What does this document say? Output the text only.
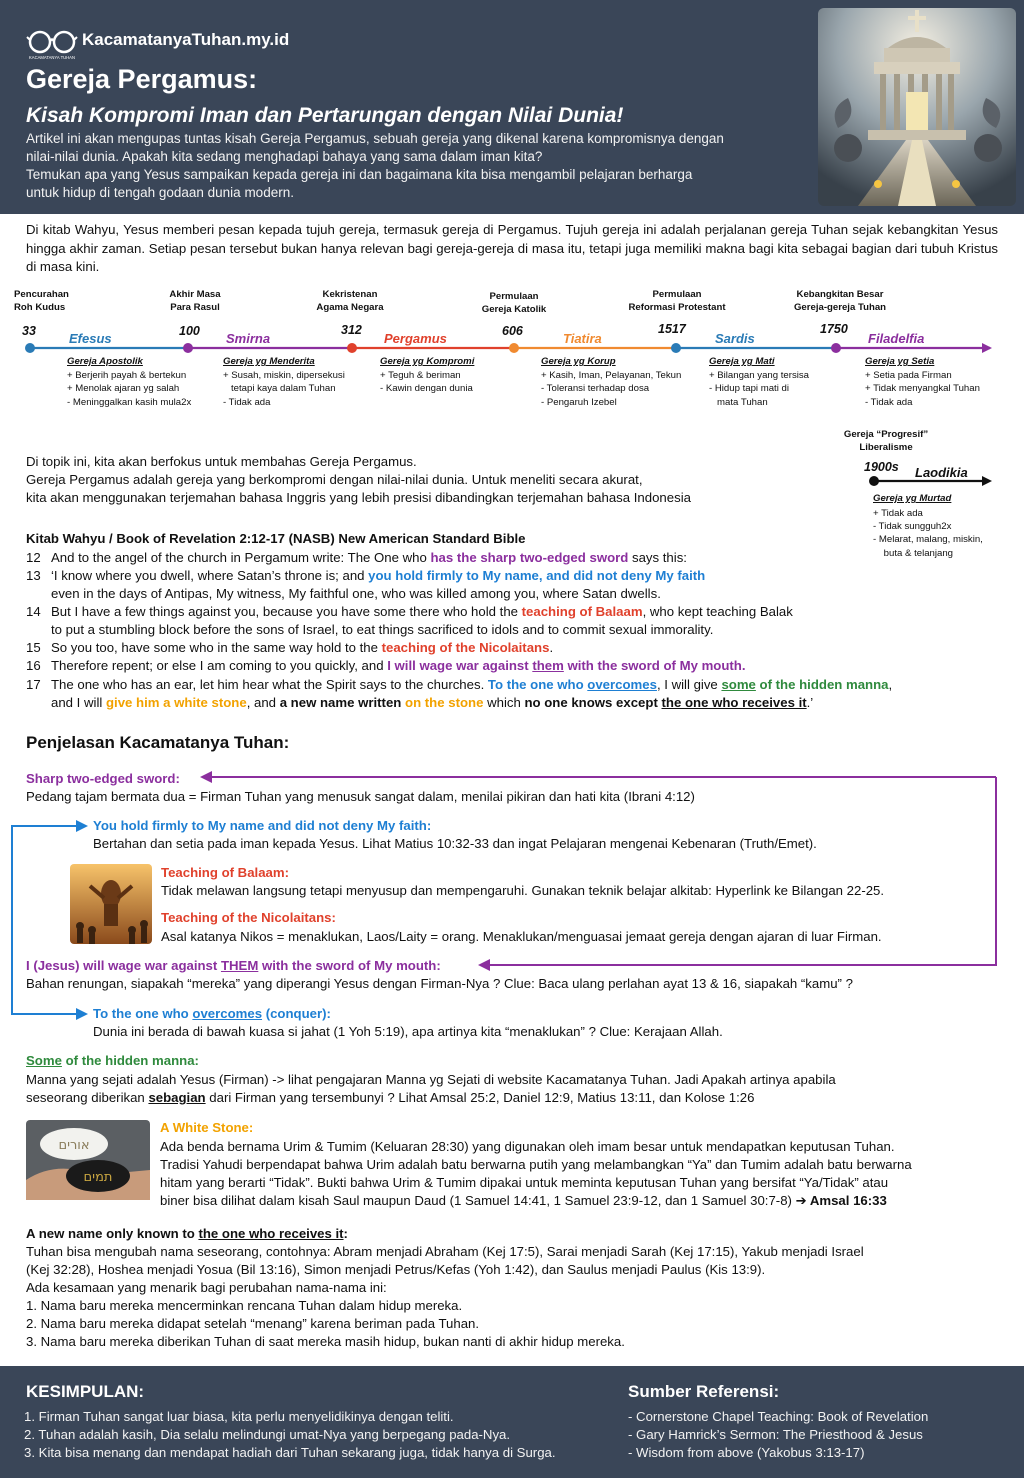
KACAMATANYA TUHAN
KacamatanyaTuhan.my.id
Gereja Pergamus:
Kisah Kompromi Iman dan Pertarungan dengan Nilai Dunia!
Artikel ini akan mengupas tuntas kisah Gereja Pergamus, sebuah gereja yang dikenal karena kompromisnya dengan
nilai-nilai dunia. Apakah kita sedang menghadapi bahaya yang sama dalam iman kita?
Temukan apa yang Yesus sampaikan kepada gereja ini dan bagaimana kita bisa mengambil pelajaran berharga
untuk hidup di tengah godaan dunia modern.
Di kitab Wahyu, Yesus memberi pesan kepada tujuh gereja, termasuk gereja di Pergamus. Tujuh gereja ini adalah perjalanan gereja Tuhan sejak kebangkitan Yesus hingga akhir zaman. Setiap pesan tersebut bukan hanya relevan bagi gereja-gereja di masa itu, tetapi juga memiliki makna bagi kita sebagai bagian dari tubuh Kristus di masa kini.
Pencurahan
Roh Kudus
Akhir Masa
Para Rasul
Kekristenan
Agama Negara
Permulaan
Gereja Katolik
Permulaan
Reformasi Protestant
Kebangkitan Besar
Gereja-gereja Tuhan
33	100	312	606	1517	1750
Efesus	Smirna	Pergamus	Tiatira	Sardis	Filadelfia
Gereja Apostolik
+ Berjerih payah & bertekun
+ Menolak ajaran yg salah
- Meninggalkan kasih mula2x
Gereja yg Menderita
+ Susah, miskin, dipersekusi
tetapi kaya dalam Tuhan
- Tidak ada
Gereja yg Kompromi
+ Teguh & beriman
- Kawin dengan dunia
Gereja yg Korup
+ Kasih, Iman, Pelayanan, Tekun
- Toleransi terhadap dosa
- Pengaruh Izebel
Gereja yg Mati
+ Bilangan yang tersisa
- Hidup tapi mati di
mata Tuhan
Gereja yg Setia
+ Setia pada Firman
+ Tidak menyangkal Tuhan
- Tidak ada
Gereja “Progresif”
Liberalisme
1900s Laodikia
Gereja yg Murtad
+ Tidak ada
- Tidak sungguh2x
- Melarat, malang, miskin,
buta & telanjang
Di topik ini, kita akan berfokus untuk membahas Gereja Pergamus.
Gereja Pergamus adalah gereja yang berkompromi dengan nilai-nilai dunia. Untuk meneliti secara akurat,
kita akan menggunakan terjemahan bahasa Inggris yang lebih presisi dibandingkan terjemahan bahasa Indonesia
Kitab Wahyu / Book of Revelation 2:12-17 (NASB) New American Standard Bible
12 And to the angel of the church in Pergamum write: The One who has the sharp two-edged sword says this:
13 ‘I know where you dwell, where Satan’s throne is; and you hold firmly to My name, and did not deny My faith
even in the days of Antipas, My witness, My faithful one, who was killed among you, where Satan dwells.
14 But I have a few things against you, because you have some there who hold the teaching of Balaam, who kept teaching Balak
to put a stumbling block before the sons of Israel, to eat things sacrificed to idols and to commit sexual immorality.
15 So you too, have some who in the same way hold to the teaching of the Nicolaitans.
16 Therefore repent; or else I am coming to you quickly, and I will wage war against them with the sword of My mouth.
17 The one who has an ear, let him hear what the Spirit says to the churches. To the one who overcomes, I will give some of the hidden manna,
and I will give him a white stone, and a new name written on the stone which no one knows except the one who receives it.’
Penjelasan Kacamatanya Tuhan:
Sharp two-edged sword:
Pedang tajam bermata dua = Firman Tuhan yang menusuk sangat dalam, menilai pikiran dan hati kita (Ibrani 4:12)
You hold firmly to My name and did not deny My faith:
Bertahan dan setia pada iman kepada Yesus. Lihat Matius 10:32-33 dan ingat Pelajaran mengenai Kebenaran (Truth/Emet).
Teaching of Balaam:
Tidak melawan langsung tetapi menyusup dan mempengaruhi. Gunakan teknik belajar alkitab: Hyperlink ke Bilangan 22-25.
Teaching of the Nicolaitans:
Asal katanya Nikos = menaklukan, Laos/Laity = orang. Menaklukan/menguasai jemaat gereja dengan ajaran di luar Firman.
I (Jesus) will wage war against THEM with the sword of My mouth:
Bahan renungan, siapakah “mereka” yang diperangi Yesus dengan Firman-Nya ? Clue: Baca ulang perlahan ayat 13 & 16, siapakah “kamu” ?
To the one who overcomes (conquer):
Dunia ini berada di bawah kuasa si jahat (1 Yoh 5:19), apa artinya kita “menaklukan” ? Clue: Kerajaan Allah.
Some of the hidden manna:
Manna yang sejati adalah Yesus (Firman) -> lihat pengajaran Manna yg Sejati di website Kacamatanya Tuhan. Jadi Apakah artinya apabila
seseorang diberikan sebagian dari Firman yang tersembunyi ? Lihat Amsal 25:2, Daniel 12:9, Matius 13:11, dan Kolose 1:26
אורים
תמים
A White Stone:
Ada benda bernama Urim & Tumim (Keluaran 28:30) yang digunakan oleh imam besar untuk mendapatkan keputusan Tuhan.
Tradisi Yahudi berpendapat bahwa Urim adalah batu berwarna putih yang melambangkan “Ya” dan Tumim adalah batu berwarna
hitam yang berarti “Tidak”. Bukti bahwa Urim & Tumim dipakai untuk meminta keputusan Tuhan yang bersifat “Ya/Tidak” atau
biner bisa dilihat dalam kisah Saul maupun Daud (1 Samuel 14:41, 1 Samuel 23:9-12, dan 1 Samuel 30:7-8) ➔ Amsal 16:33
A new name only known to the one who receives it:
Tuhan bisa mengubah nama seseorang, contohnya: Abram menjadi Abraham (Kej 17:5), Sarai menjadi Sarah (Kej 17:15), Yakub menjadi Israel
(Kej 32:28), Hoshea menjadi Yosua (Bil 13:16), Simon menjadi Petrus/Kefas (Yoh 1:42), dan Saulus menjadi Paulus (Kis 13:9).
Ada kesamaan yang menarik bagi perubahan nama-nama ini:
1. Nama baru mereka mencerminkan rencana Tuhan dalam hidup mereka.
2. Nama baru mereka didapat setelah “menang” karena beriman pada Tuhan.
3. Nama baru mereka diberikan Tuhan di saat mereka masih hidup, bukan nanti di akhir hidup mereka.
KESIMPULAN:
1. Firman Tuhan sangat luar biasa, kita perlu menyelidikinya dengan teliti.
2. Tuhan adalah kasih, Dia selalu melindungi umat-Nya yang berpegang pada-Nya.
3. Kita bisa menang dan mendapat hadiah dari Tuhan sekarang juga, tidak hanya di Surga.
Sumber Referensi:
- Cornerstone Chapel Teaching: Book of Revelation
- Gary Hamrick’s Sermon: The Priesthood & Jesus
- Wisdom from above (Yakobus 3:13-17)
